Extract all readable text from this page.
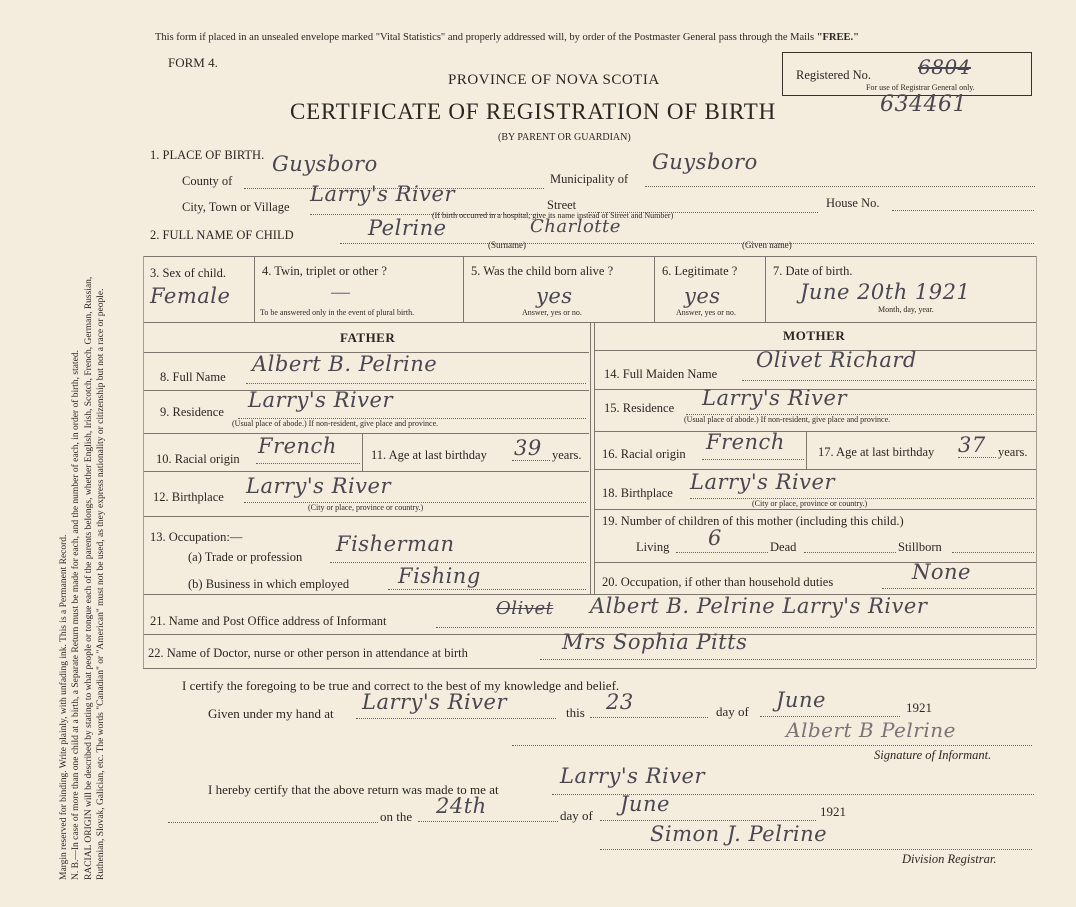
Margin reserved for binding. Write plainly, with unfading ink. This is a Permanent Record. N. B.—In case of more than one child at a birth, a Separate Return must be made for each, and the number of each, in order of birth, stated. RACIAL ORIGIN will be described by stating to what people or tongue each of the parents belongs, whether English, Irish, Scotch, French, German, Russian, Ruthenian, Slovak, Galician, etc. The words "Canadian" or "American" must not be used, as they express nationality or citizenship but not a race or people.
This form if placed in an unsealed envelope marked "Vital Statistics" and properly addressed will, by order of the Postmaster General pass through the Mails "FREE."
FORM 4.
PROVINCE OF NOVA SCOTIA
CERTIFICATE OF REGISTRATION OF BIRTH
(BY PARENT OR GUARDIAN)
Registered No. 6804
For use of Registrar General only.
634461
1. PLACE OF BIRTH.
County of
Guysboro
Municipality of
Guysboro
City, Town or Village
Larry's River	Street	House No.
(If birth occurred in a hospital, give its name instead of Street and Number)
2. FULL NAME OF CHILD	Pelrine	Charlotte
(Surname)	(Given name)
3. Sex of child.
Female
4. Twin, triplet or other ?
—
To be answered only in the event of plural birth.
5. Was the child born alive ?
yes
Answer, yes or no.
6. Legitimate ?
yes
Answer, yes or no.
7. Date of birth.
June 20th 1921
Month, day, year.
FATHER
8. Full Name
Albert B. Pelrine
9. Residence Larry's River
(Usual place of abode.) If non-resident, give place and province.
10. Racial origin
French	11. Age at last birthday 39 years.
12. Birthplace Larry's River
(City or place, province or country.)
13. Occupation:—
(a) Trade or profession
Fisherman
(b) Business in which employed Fishing
MOTHER
14. Full Maiden Name
Olivet Richard
15. Residence Larry's River
(Usual place of abode.) If non-resident, give place and province.
16. Racial origin French	17. Age at last birthday 37 years.
18. Birthplace Larry's River
(City or place, province or country.)
19. Number of children of this mother (including this child.)
Living 6	Dead	Stillborn
20. Occupation, if other than household duties	None
21. Name and Post Office address of Informant
Olivet Albert B. Pelrine Larry's River
22. Name of Doctor, nurse or other person in attendance at birth	Mrs Sophia Pitts
I certify the foregoing to be true and correct to the best of my knowledge and belief.
Given under my hand at Larry's River	this 23	day of June	1921
Albert B Pelrine
Signature of Informant.
I hereby certify that the above return was made to me at
Larry's River
on the 24th	day of June	1921
Simon J. Pelrine
Division Registrar.
